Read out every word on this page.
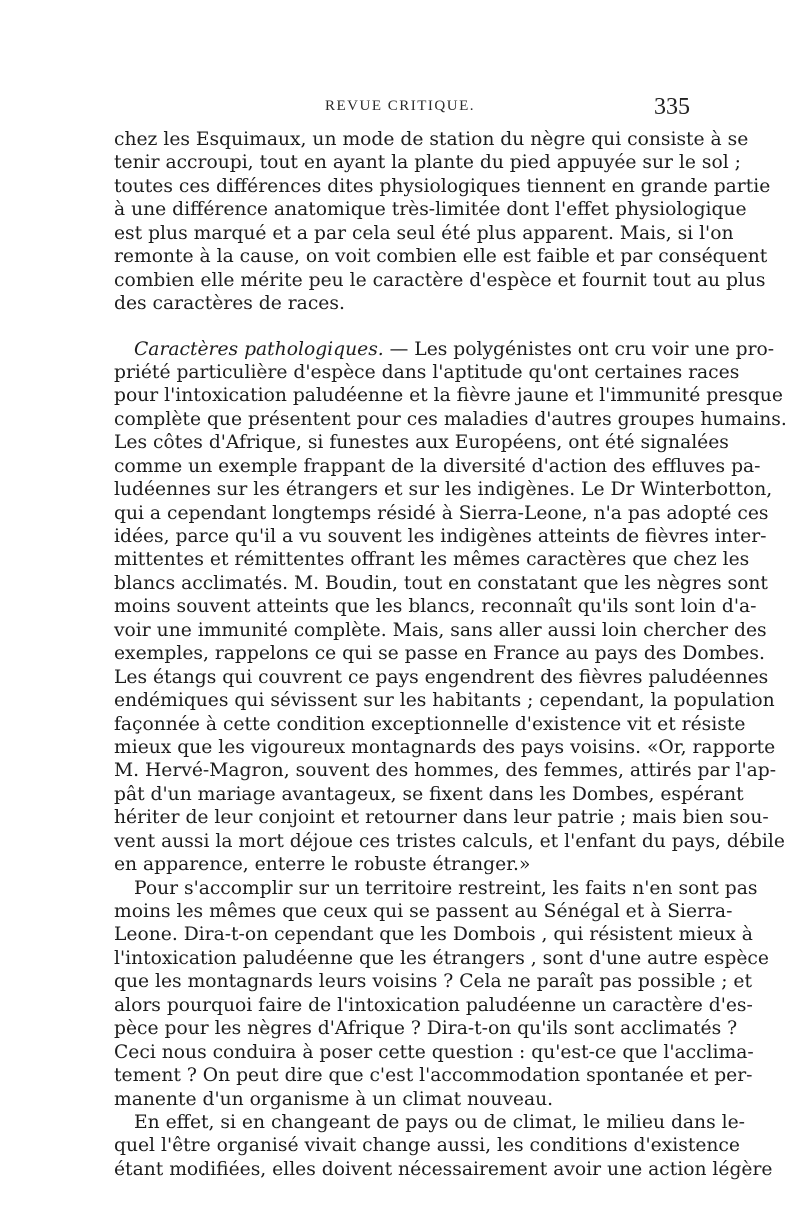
REVUE CRITIQUE.	335
chez les Esquimaux, un mode de station du nègre qui consiste à se
tenir accroupi, tout en ayant la plante du pied appuyée sur le sol ;
toutes ces différences dites physiologiques tiennent en grande partie
à une différence anatomique très-limitée dont l'effet physiologique
est plus marqué et a par cela seul été plus apparent. Mais, si l'on
remonte à la cause, on voit combien elle est faible et par conséquent
combien elle mérite peu le caractère d'espèce et fournit tout au plus
des caractères de races.
Caractères pathologiques. — Les polygénistes ont cru voir une pro-
priété particulière d'espèce dans l'aptitude qu'ont certaines races
pour l'intoxication paludéenne et la fièvre jaune et l'immunité presque
complète que présentent pour ces maladies d'autres groupes humains.
Les côtes d'Afrique, si funestes aux Européens, ont été signalées
comme un exemple frappant de la diversité d'action des effluves pa-
ludéennes sur les étrangers et sur les indigènes. Le Dr Winterbotton,
qui a cependant longtemps résidé à Sierra-Leone, n'a pas adopté ces
idées, parce qu'il a vu souvent les indigènes atteints de fièvres inter-
mittentes et rémittentes offrant les mêmes caractères que chez les
blancs acclimatés. M. Boudin, tout en constatant que les nègres sont
moins souvent atteints que les blancs, reconnaît qu'ils sont loin d'a-
voir une immunité complète. Mais, sans aller aussi loin chercher des
exemples, rappelons ce qui se passe en France au pays des Dombes.
Les étangs qui couvrent ce pays engendrent des fièvres paludéennes
endémiques qui sévissent sur les habitants ; cependant, la population
façonnée à cette condition exceptionnelle d'existence vit et résiste
mieux que les vigoureux montagnards des pays voisins. «Or, rapporte
M. Hervé-Magron, souvent des hommes, des femmes, attirés par l'ap-
pât d'un mariage avantageux, se fixent dans les Dombes, espérant
hériter de leur conjoint et retourner dans leur patrie ; mais bien sou-
vent aussi la mort déjoue ces tristes calculs, et l'enfant du pays, débile
en apparence, enterre le robuste étranger.»
Pour s'accomplir sur un territoire restreint, les faits n'en sont pas
moins les mêmes que ceux qui se passent au Sénégal et à Sierra-
Leone. Dira-t-on cependant que les Dombois , qui résistent mieux à
l'intoxication paludéenne que les étrangers , sont d'une autre espèce
que les montagnards leurs voisins ? Cela ne paraît pas possible ; et
alors pourquoi faire de l'intoxication paludéenne un caractère d'es-
pèce pour les nègres d'Afrique ? Dira-t-on qu'ils sont acclimatés ?
Ceci nous conduira à poser cette question : qu'est-ce que l'acclima-
tement ? On peut dire que c'est l'accommodation spontanée et per-
manente d'un organisme à un climat nouveau.
En effet, si en changeant de pays ou de climat, le milieu dans le-
quel l'être organisé vivait change aussi, les conditions d'existence
étant modifiées, elles doivent nécessairement avoir une action légère
